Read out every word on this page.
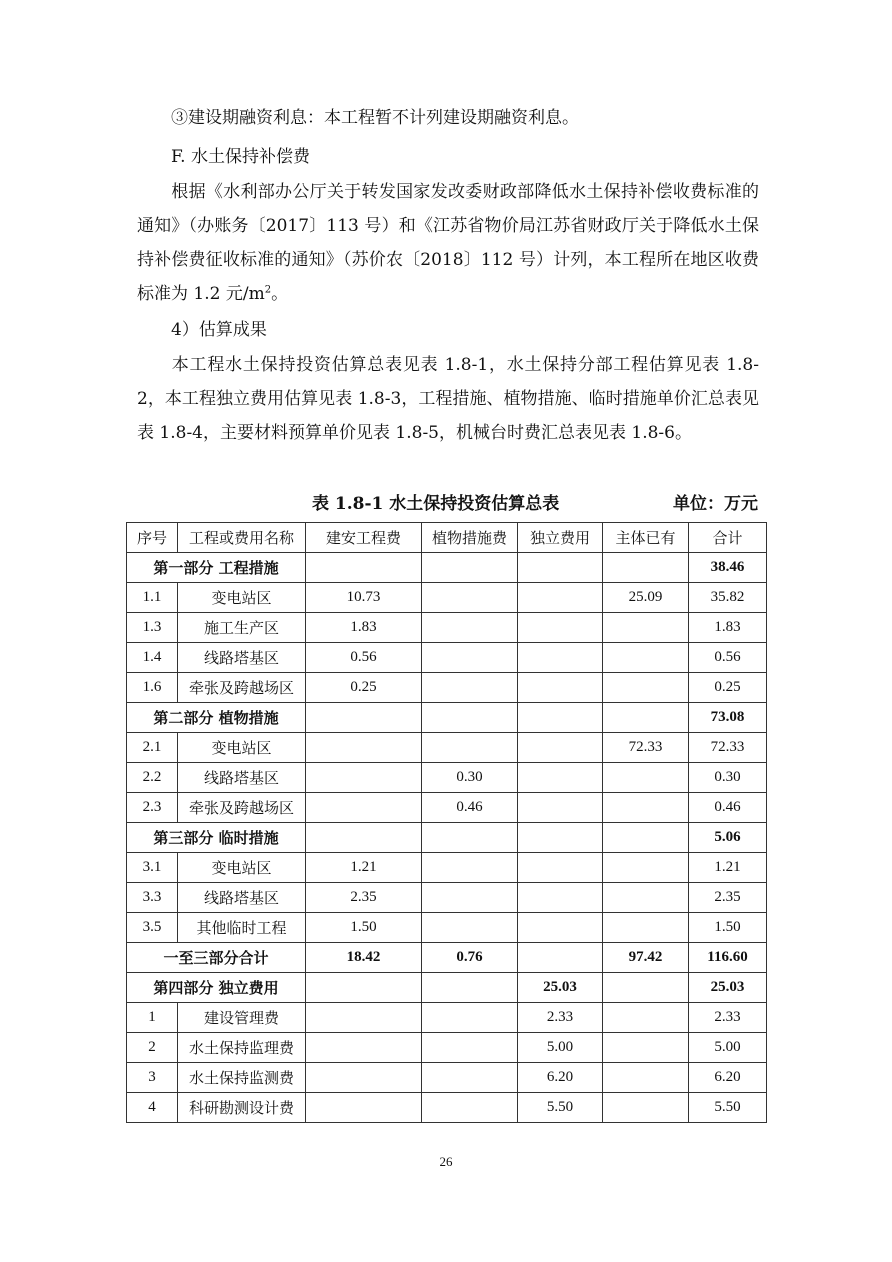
③建设期融资利息：本工程暂不计列建设期融资利息。
F. 水土保持补偿费
根据《水利部办公厅关于转发国家发改委财政部降低水土保持补偿收费标准的通知》（办账务〔2017〕113 号）和《江苏省物价局江苏省财政厅关于降低水土保持补偿费征收标准的通知》（苏价农〔2018〕112 号）计列，本工程所在地区收费标准为 1.2 元$/m^2$。
4）估算成果
本工程水土保持投资估算总表见表 1.8-1，水土保持分部工程估算见表 1.8-2，本工程独立费用估算见表 1.8-3，工程措施、植物措施、临时措施单价汇总表见表 1.8-4，主要材料预算单价见表 1.8-5，机械台时费汇总表见表 1.8-6。
表 1.8-1 水土保持投资估算总表	单位：万元
序号	工程或费用名称	建安工程费	植物措施费	独立费用	主体已有	合计
第一部分 工程措施						38.46
1.1	变电站区	10.73			25.09	35.82
1.3	施工生产区	1.83				1.83
1.4	线路塔基区	0.56				0.56
1.6	牵张及跨越场区	0.25				0.25
第二部分 植物措施						73.08
2.1	变电站区				72.33	72.33
2.2	线路塔基区		0.30			0.30
2.3	牵张及跨越场区		0.46			0.46
第三部分 临时措施						5.06
3.1	变电站区	1.21				1.21
3.3	线路塔基区	2.35				2.35
3.5	其他临时工程	1.50				1.50
一至三部分合计		18.42	0.76		97.42	116.60
第四部分 独立费用				25.03		25.03
1	建设管理费			2.33		2.33
2	水土保持监理费			5.00		5.00
3	水土保持监测费			6.20		6.20
4	科研勘测设计费			5.50		5.50
26
